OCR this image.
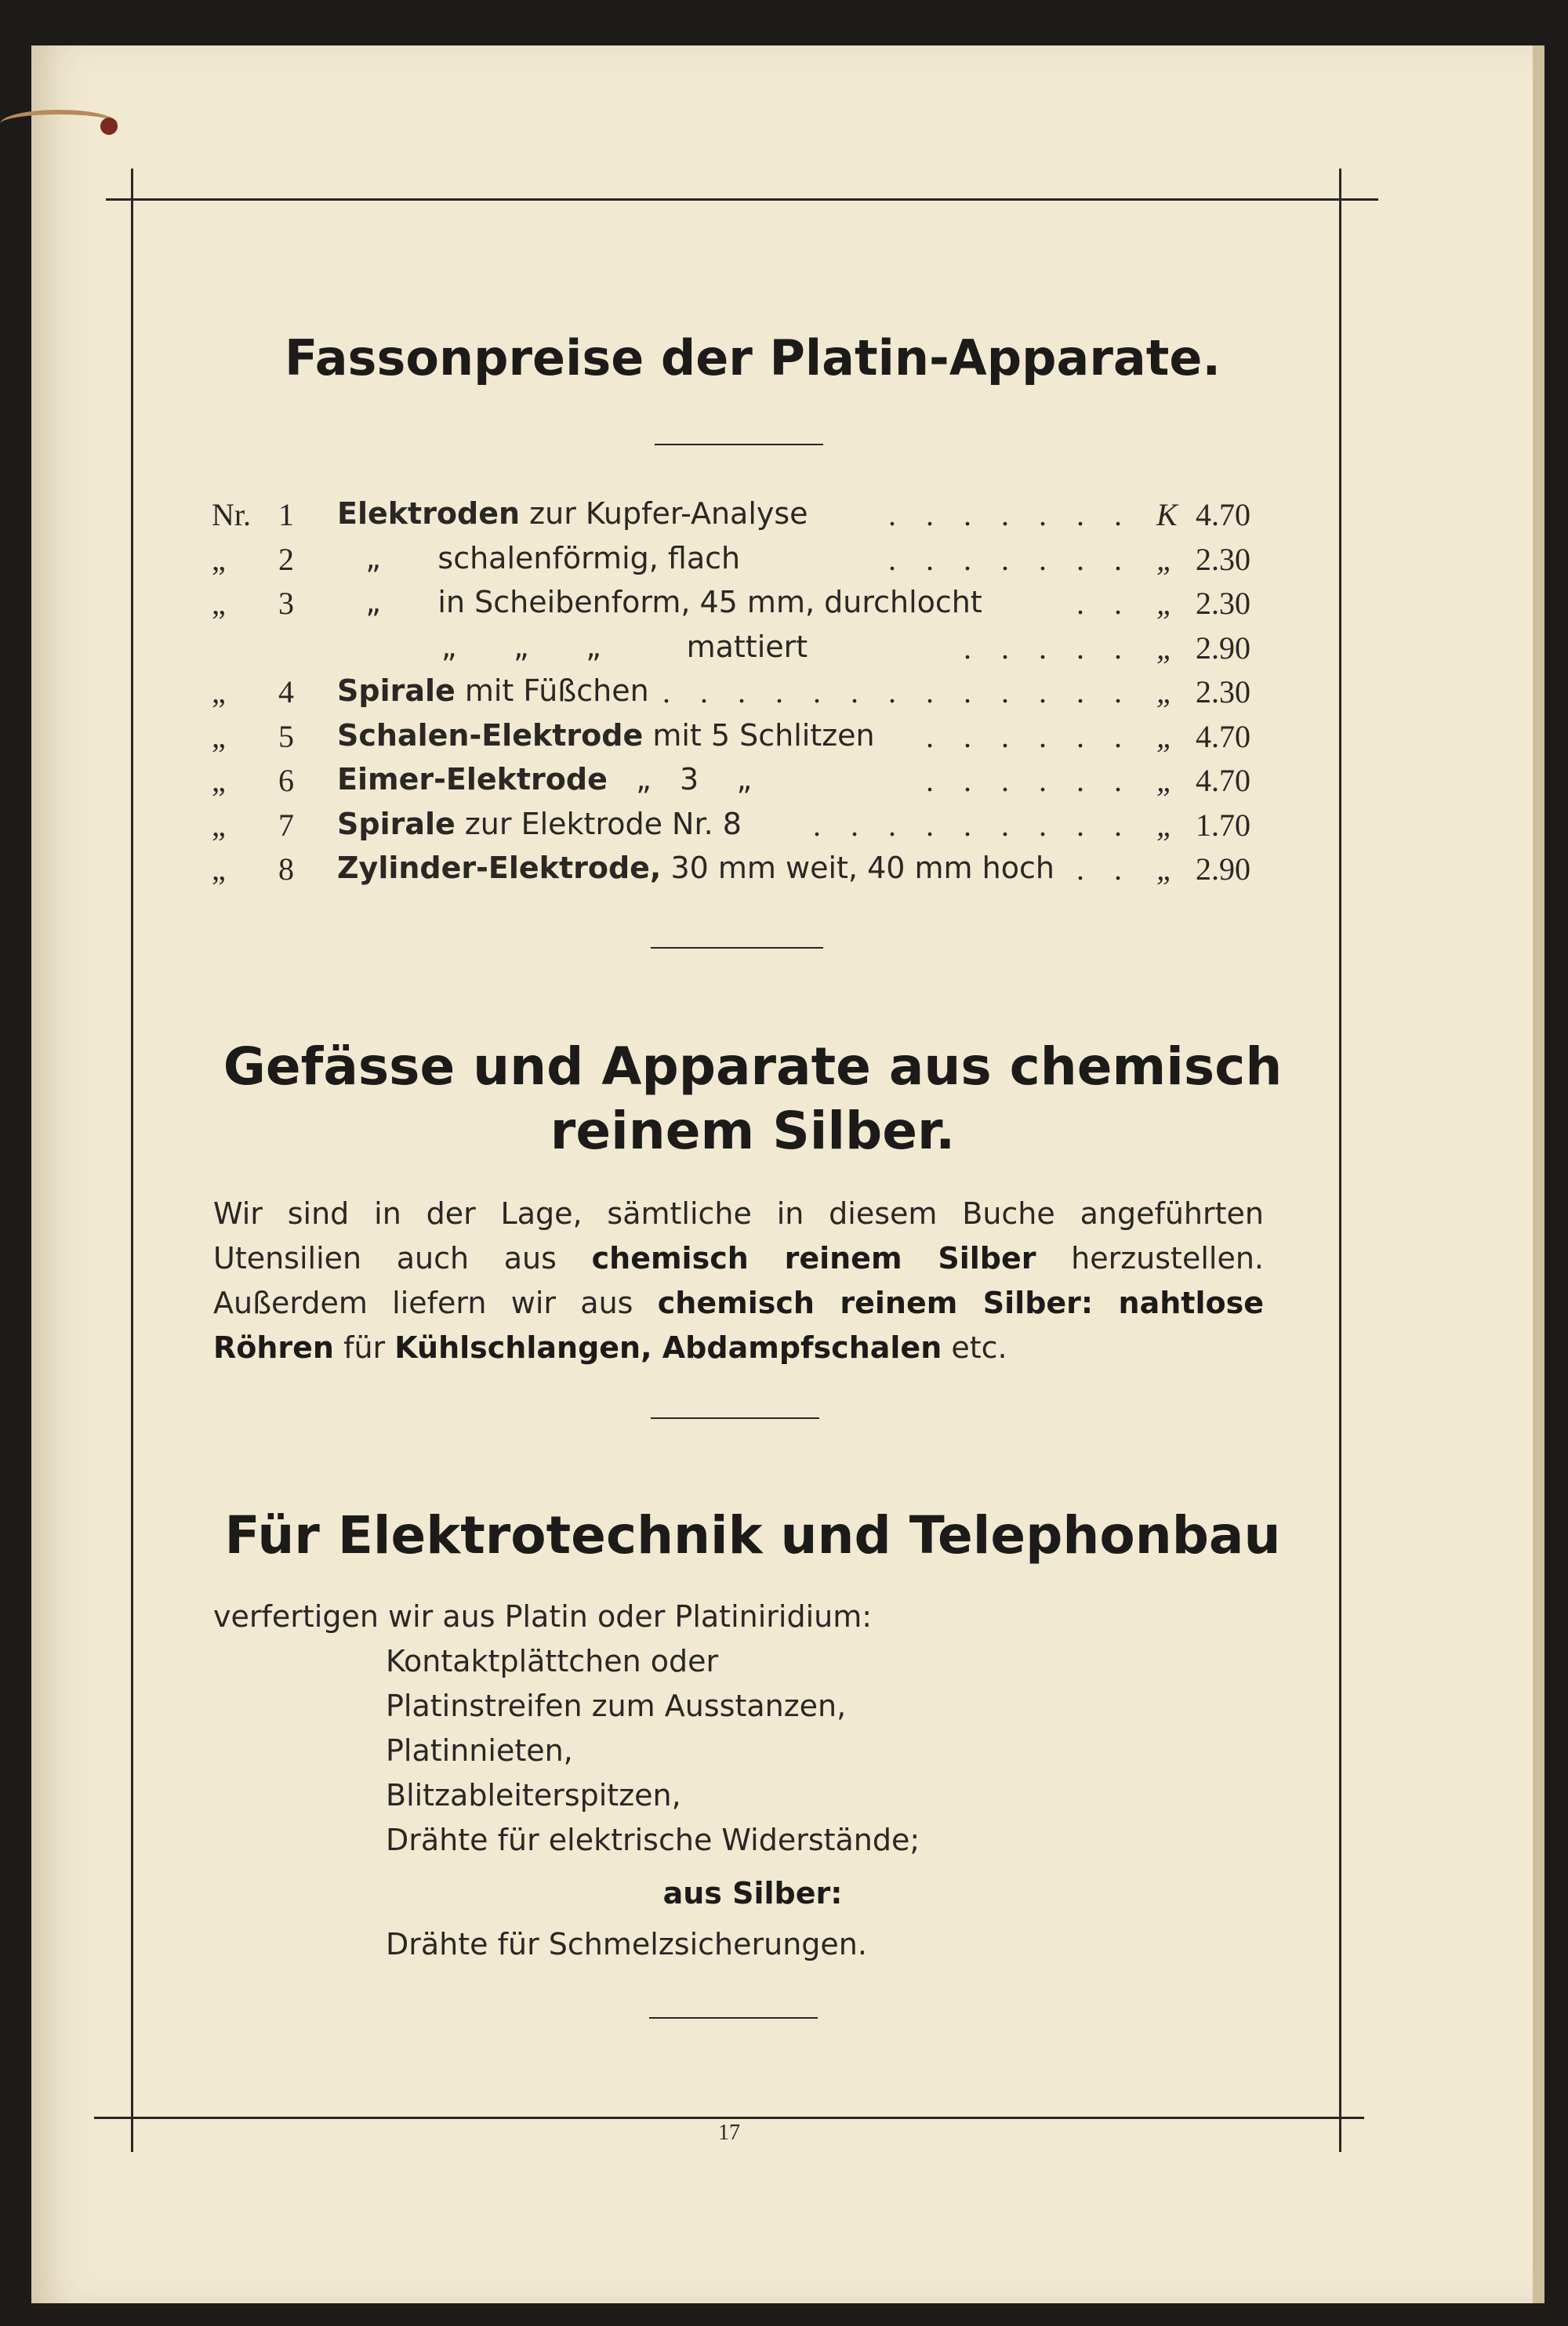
Fassonpreise der Platin-Apparate.
Nr. 1 Elektroden zur Kupfer-Analyse	. . . . . . . K 4.70
„ 2 „      schalenförmig, flach	. . . . . . . „ 2.30
„ 3 „      in Scheibenform, 45 mm, durchlocht	. . „ 2.30
„      „      „         mattiert	. . . . . „ 2.90
„ 4 Spirale mit Füßchen . . . . . . . . . . . . . „ 2.30
„ 5 Schalen-Elektrode mit 5 Schlitzen	. . . . . . „ 4.70
„ 6 Eimer-Elektrode   „   3    „	. . . . . . „ 4.70
„ 7 Spirale zur Elektrode Nr. 8	. . . . . . . . . „ 1.70
„ 8 Zylinder-Elektrode, 30 mm weit, 40 mm hoch . . „ 2.90
Gefässe und Apparate aus chemisch
reinem Silber.
Wir sind in der Lage, sämtliche in diesem Buche angeführten Utensilien auch aus chemisch reinem Silber herzustellen. Außerdem liefern wir aus chemisch reinem Silber: nahtlose Röhren für Kühlschlangen, Abdampfschalen etc.
Für Elektrotechnik und Telephonbau
verfertigen wir aus Platin oder Platiniridium:
Kontaktplättchen oder
Platinstreifen zum Ausstanzen,
Platinnieten,
Blitzableiterspitzen,
Drähte für elektrische Widerstände;
aus Silber:
Drähte für Schmelzsicherungen.
17
